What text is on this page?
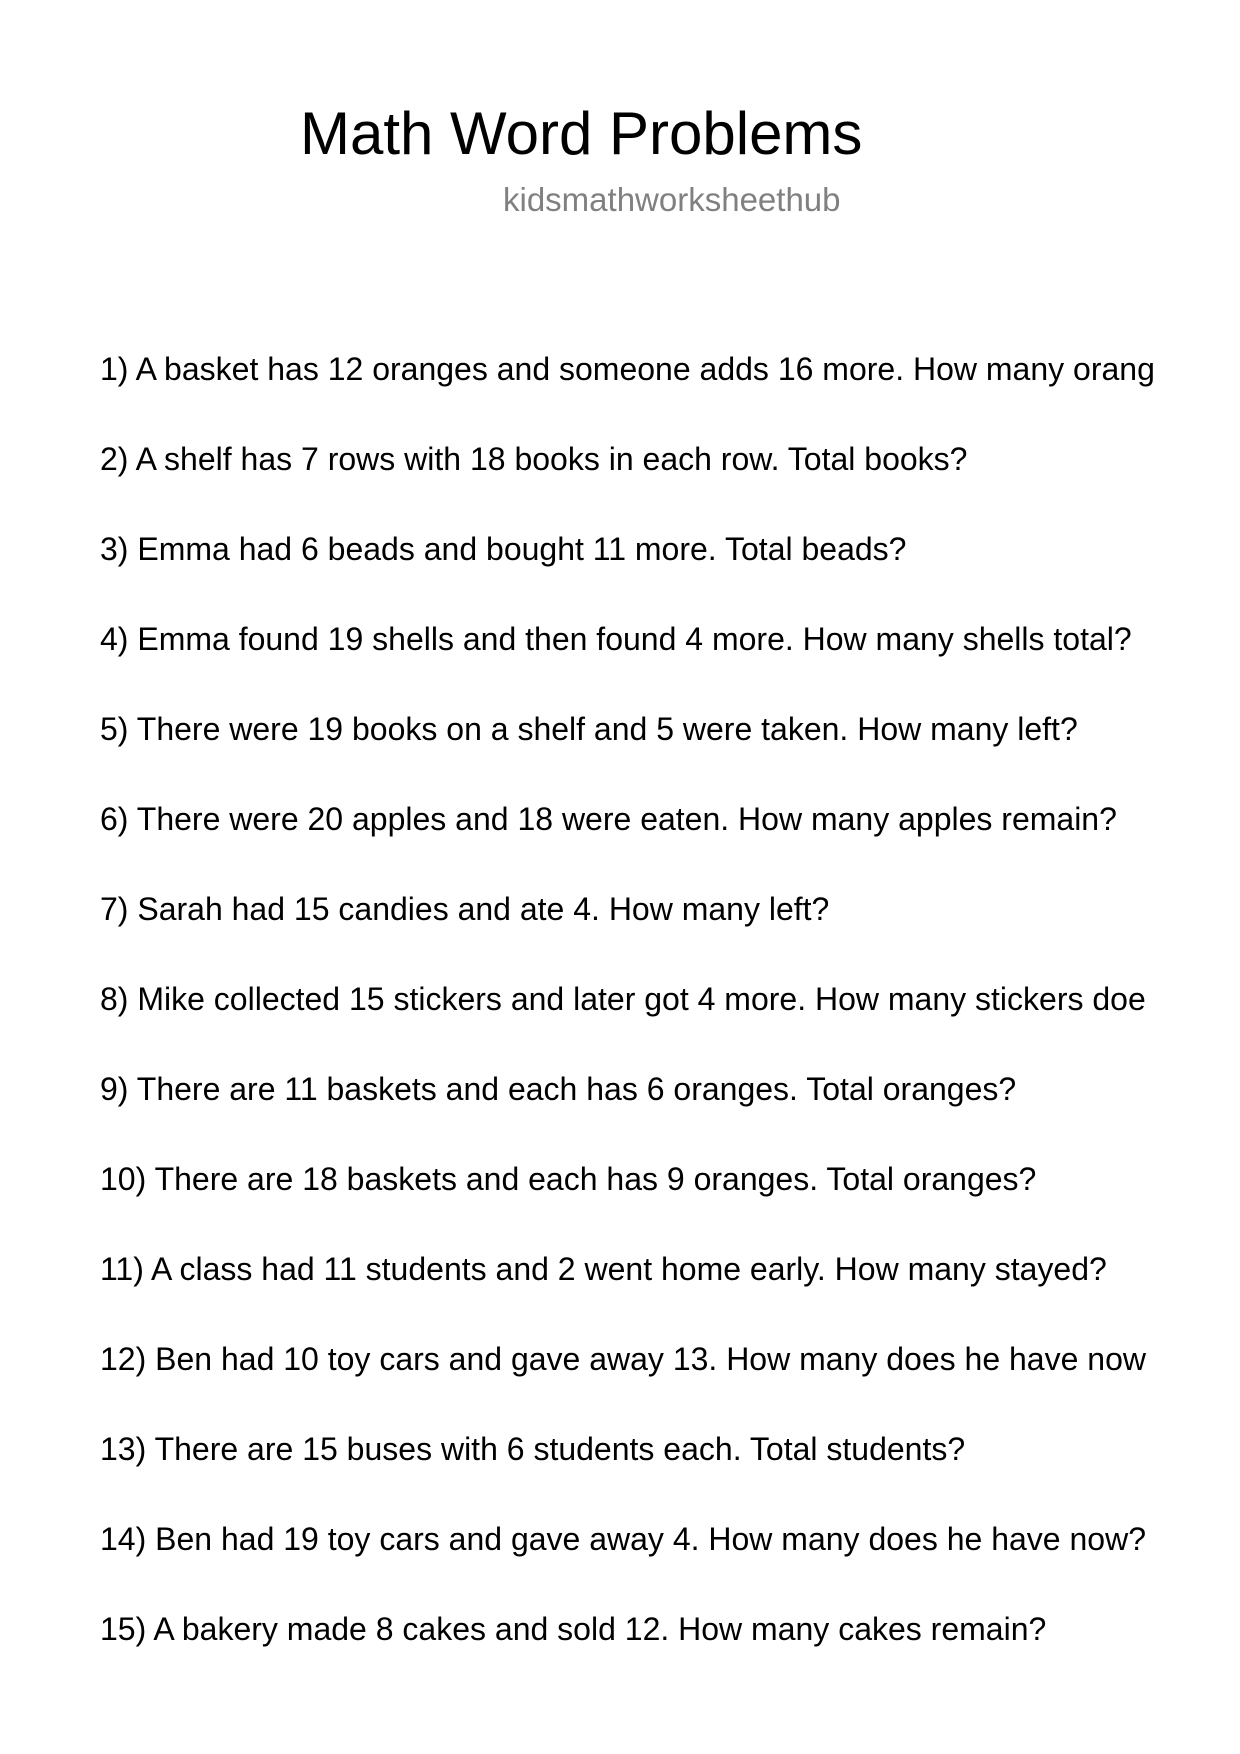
Math Word Problems
kidsmathworksheethub
1) A basket has 12 oranges and someone adds 16 more. How many orang
2) A shelf has 7 rows with 18 books in each row. Total books?
3) Emma had 6 beads and bought 11 more. Total beads?
4) Emma found 19 shells and then found 4 more. How many shells total?
5) There were 19 books on a shelf and 5 were taken. How many left?
6) There were 20 apples and 18 were eaten. How many apples remain?
7) Sarah had 15 candies and ate 4. How many left?
8) Mike collected 15 stickers and later got 4 more. How many stickers doe
9) There are 11 baskets and each has 6 oranges. Total oranges?
10) There are 18 baskets and each has 9 oranges. Total oranges?
11) A class had 11 students and 2 went home early. How many stayed?
12) Ben had 10 toy cars and gave away 13. How many does he have now
13) There are 15 buses with 6 students each. Total students?
14) Ben had 19 toy cars and gave away 4. How many does he have now?
15) A bakery made 8 cakes and sold 12. How many cakes remain?
